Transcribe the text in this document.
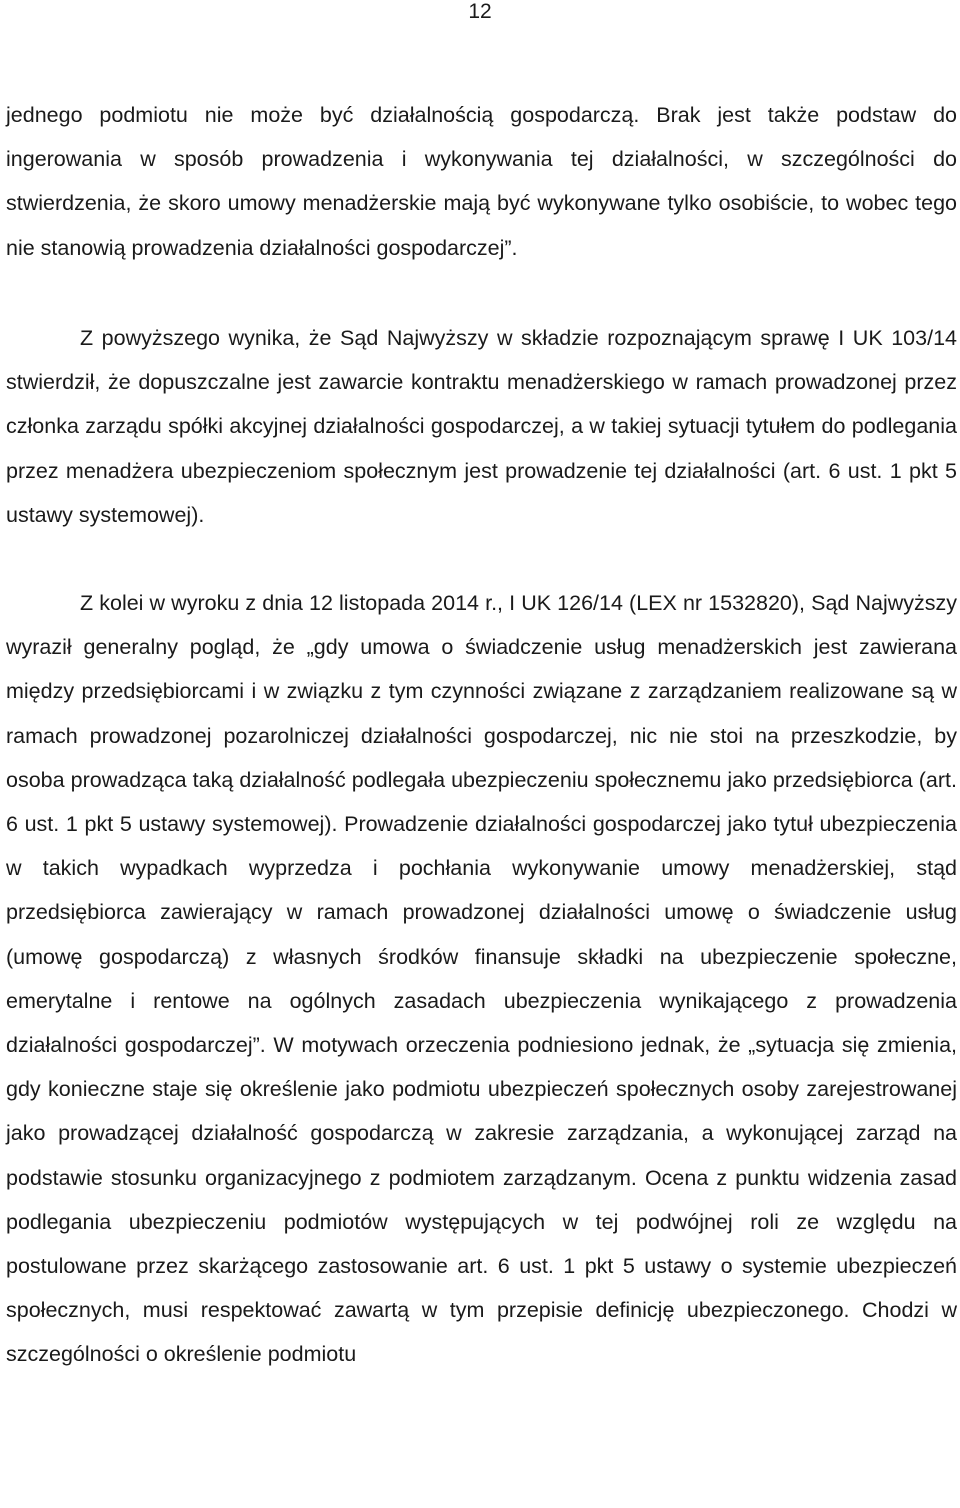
12

jednego podmiotu nie może być działalnością gospodarczą. Brak jest także podstaw do ingerowania w sposób prowadzenia i wykonywania tej działalności, w szczególności do stwierdzenia, że skoro umowy menadżerskie mają być wykonywane tylko osobiście, to wobec tego nie stanowią prowadzenia działalności gospodarczej”.

Z powyższego wynika, że Sąd Najwyższy w składzie rozpoznającym sprawę I UK 103/14 stwierdził, że dopuszczalne jest zawarcie kontraktu menadżerskiego w ramach prowadzonej przez członka zarządu spółki akcyjnej działalności gospodarczej, a w takiej sytuacji tytułem do podlegania przez menadżera ubezpieczeniom społecznym jest prowadzenie tej działalności (art. 6 ust. 1 pkt 5 ustawy systemowej).

Z kolei w wyroku z dnia 12 listopada 2014 r., I UK 126/14 (LEX nr 1532820), Sąd Najwyższy wyraził generalny pogląd, że „gdy umowa o świadczenie usług menadżerskich jest zawierana między przedsiębiorcami i w związku z tym czynności związane z zarządzaniem realizowane są w ramach prowadzonej pozarolniczej działalności gospodarczej, nic nie stoi na przeszkodzie, by osoba prowadząca taką działalność podlegała ubezpieczeniu społecznemu jako przedsiębiorca (art. 6 ust. 1 pkt 5 ustawy systemowej). Prowadzenie działalności gospodarczej jako tytuł ubezpieczenia w takich wypadkach wyprzedza i pochłania wykonywanie umowy menadżerskiej, stąd przedsiębiorca zawierający w ramach prowadzonej działalności umowę o świadczenie usług (umowę gospodarczą) z własnych środków finansuje składki na ubezpieczenie społeczne, emerytalne i rentowe na ogólnych zasadach ubezpieczenia wynikającego z prowadzenia działalności gospodarczej”. W motywach orzeczenia podniesiono jednak, że „sytuacja się zmienia, gdy konieczne staje się określenie jako podmiotu ubezpieczeń społecznych osoby zarejestrowanej jako prowadzącej działalność gospodarczą w zakresie zarządzania, a wykonującej zarząd na podstawie stosunku organizacyjnego z podmiotem zarządzanym. Ocena z punktu widzenia zasad podlegania ubezpieczeniu podmiotów występujących w tej podwójnej roli ze względu na postulowane przez skarżącego zastosowanie art. 6 ust. 1 pkt 5 ustawy o systemie ubezpieczeń społecznych, musi respektować zawartą w tym przepisie definicję ubezpieczonego. Chodzi w szczególności o określenie podmiotu
